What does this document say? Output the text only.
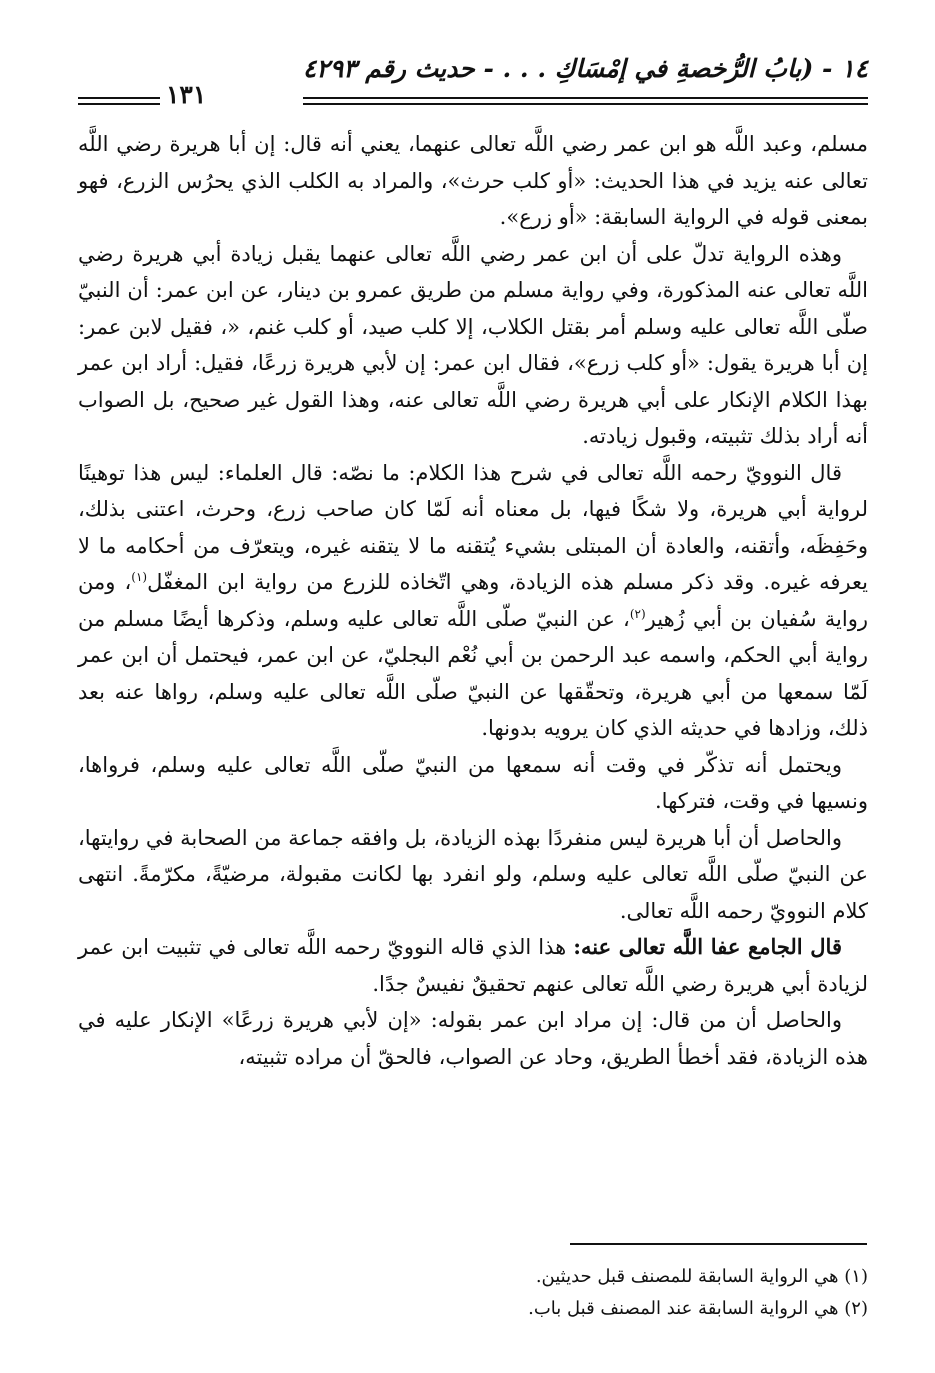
١٤ - (بابُ الرُّخصةِ في إمْسَاكِ . . . - حديث رقم ٤٢٩٣
١٣١

مسلم، وعبد اللَّه هو ابن عمر رضي اللَّه تعالى عنهما، يعني أنه قال: إن أبا هريرة رضي اللَّه تعالى عنه يزيد في هذا الحديث: «أو كلب حرث»، والمراد به الكلب الذي يحرُس الزرع، فهو بمعنى قوله في الرواية السابقة: «أو زرع».

وهذه الرواية تدلّ على أن ابن عمر رضي اللَّه تعالى عنهما يقبل زيادة أبي هريرة رضي اللَّه تعالى عنه المذكورة، وفي رواية مسلم من طريق عمرو بن دينار، عن ابن عمر: أن النبيّ صلّى اللَّه تعالى عليه وسلم أمر بقتل الكلاب، إلا كلب صيد، أو كلب غنم، «، فقيل لابن عمر: إن أبا هريرة يقول: «أو كلب زرع»، فقال ابن عمر: إن لأبي هريرة زرعًا، فقيل: أراد ابن عمر بهذا الكلام الإنكار على أبي هريرة رضي اللَّه تعالى عنه، وهذا القول غير صحيح، بل الصواب أنه أراد بذلك تثبيته، وقبول زيادته.

قال النوويّ رحمه اللَّه تعالى في شرح هذا الكلام: ما نصّه: قال العلماء: ليس هذا توهينًا لرواية أبي هريرة، ولا شكًا فيها، بل معناه أنه لَمّا كان صاحب زرع، وحرث، اعتنى بذلك، وحَفِظَه، وأتقنه، والعادة أن المبتلى بشيء يُتقنه ما لا يتقنه غيره، ويتعرّف من أحكامه ما لا يعرفه غيره. وقد ذكر مسلم هذه الزيادة، وهي اتّخاذه للزرع من رواية ابن المغفّل$^{(١)}$، ومن رواية سُفيان بن أبي زُهير$^{(٢)}$، عن النبيّ صلّى اللَّه تعالى عليه وسلم، وذكرها أيضًا مسلم من رواية أبي الحكم، واسمه عبد الرحمن بن أبي نُعْم البجليّ، عن ابن عمر، فيحتمل أن ابن عمر لَمّا سمعها من أبي هريرة، وتحقّقها عن النبيّ صلّى اللَّه تعالى عليه وسلم، رواها عنه بعد ذلك، وزادها في حديثه الذي كان يرويه بدونها.

ويحتمل أنه تذكّر في وقت أنه سمعها من النبيّ صلّى اللَّه تعالى عليه وسلم، فرواها، ونسيها في وقت، فتركها.

والحاصل أن أبا هريرة ليس منفردًا بهذه الزيادة، بل وافقه جماعة من الصحابة في روايتها، عن النبيّ صلّى اللَّه تعالى عليه وسلم، ولو انفرد بها لكانت مقبولة، مرضيّةً، مكرّمةً. انتهى كلام النوويّ رحمه اللَّه تعالى.

قال الجامع عفا اللَّه تعالى عنه: هذا الذي قاله النوويّ رحمه اللَّه تعالى في تثبيت ابن عمر لزيادة أبي هريرة رضي اللَّه تعالى عنهم تحقيقٌ نفيسٌ جدًا.

والحاصل أن من قال: إن مراد ابن عمر بقوله: «إن لأبي هريرة زرعًا» الإنكار عليه في هذه الزيادة، فقد أخطأ الطريق، وحاد عن الصواب، فالحقّ أن مراده تثبيته،

(١) هي الرواية السابقة للمصنف قبل حديثين.
(٢) هي الرواية السابقة عند المصنف قبل باب.
